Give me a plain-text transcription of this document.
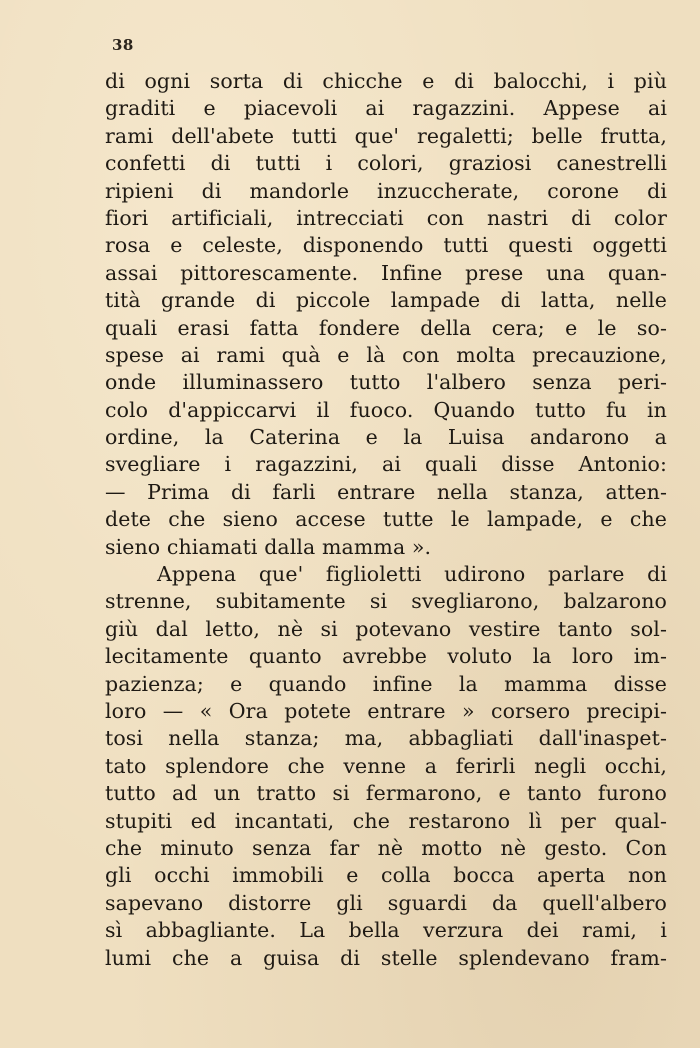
38
di ogni sorta di chicche e di balocchi, i più
graditi e piacevoli ai ragazzini. Appese ai
rami dell'abete tutti que' regaletti; belle frutta,
confetti di tutti i colori, graziosi canestrelli
ripieni di mandorle inzuccherate, corone di
fiori artificiali, intrecciati con nastri di color
rosa e celeste, disponendo tutti questi oggetti
assai pittorescamente. Infine prese una quan-
tità grande di piccole lampade di latta, nelle
quali erasi fatta fondere della cera; e le so-
spese ai rami quà e là con molta precauzione,
onde illuminassero tutto l'albero senza peri-
colo d'appiccarvi il fuoco. Quando tutto fu in
ordine, la Caterina e la Luisa andarono a
svegliare i ragazzini, ai quali disse Antonio:
— Prima di farli entrare nella stanza, atten-
dete che sieno accese tutte le lampade, e che
sieno chiamati dalla mamma ».
Appena que' figlioletti udirono parlare di
strenne, subitamente si svegliarono, balzarono
giù dal letto, nè si potevano vestire tanto sol-
lecitamente quanto avrebbe voluto la loro im-
pazienza; e quando infine la mamma disse
loro — « Ora potete entrare » corsero precipi-
tosi nella stanza; ma, abbagliati dall'inaspet-
tato splendore che venne a ferirli negli occhi,
tutto ad un tratto si fermarono, e tanto furono
stupiti ed incantati, che restarono lì per qual-
che minuto senza far nè motto nè gesto. Con
gli occhi immobili e colla bocca aperta non
sapevano distorre gli sguardi da quell'albero
sì abbagliante. La bella verzura dei rami, i
lumi che a guisa di stelle splendevano fram-
